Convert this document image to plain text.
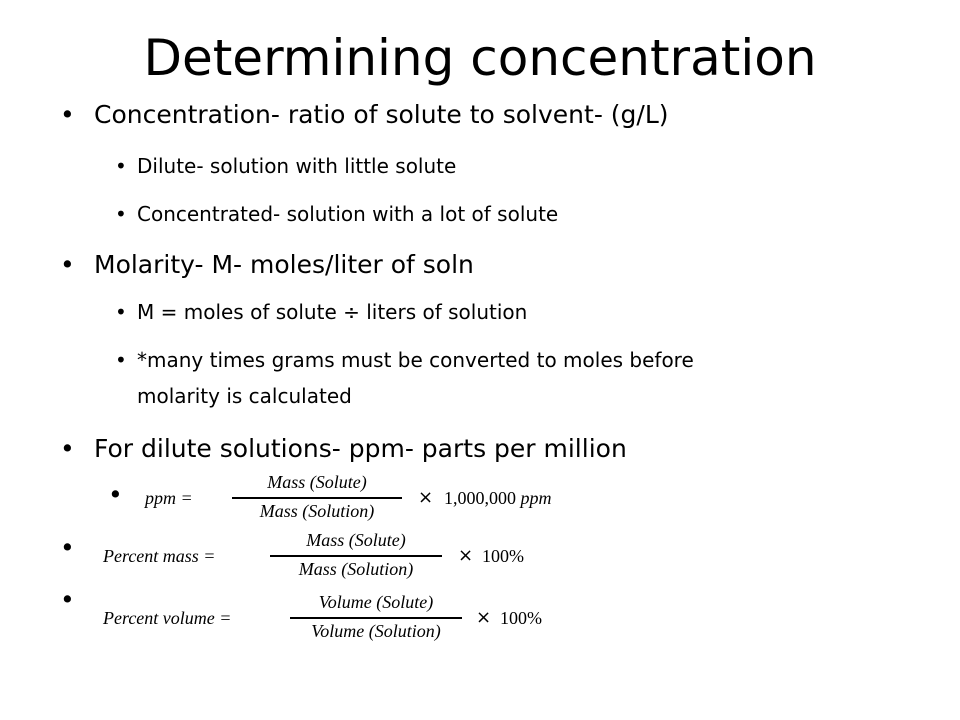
Determining concentration
• Concentration- ratio of solute to solvent- (g/L)
• Dilute- solution with little solute
• Concentrated- solution with a lot of solute
• Molarity- M- moles/liter of soln
• M = moles of solute ÷ liters of solution
• *many times grams must be converted to moles before
molarity is calculated
• For dilute solutions- ppm- parts per million
• ppm =
Mass (Solute)
Mass (Solution)
× 1,000,000 ppm
• Percent mass =
Mass (Solute)
Mass (Solution)
× 100%
•
Percent volume =
Volume (Solute)
Volume (Solution)
× 100%
